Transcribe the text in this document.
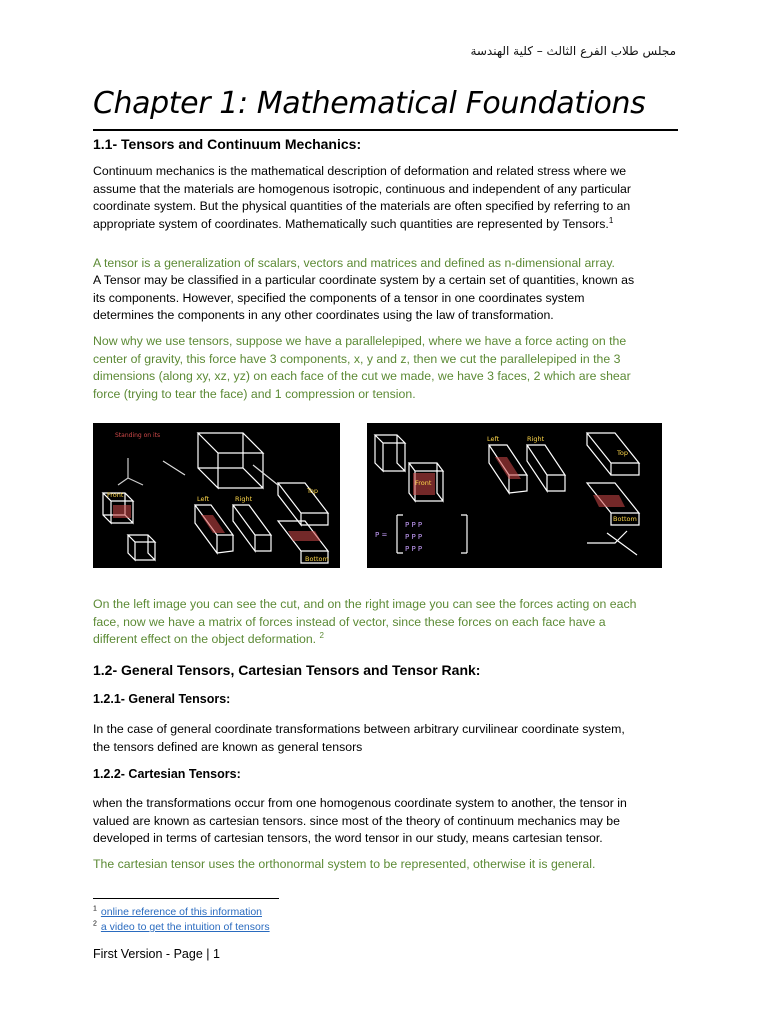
مجلس طلاب الفرع الثالث – كلية الهندسة
Chapter 1: Mathematical Foundations
1.1- Tensors and Continuum Mechanics:
Continuum mechanics is the mathematical description of deformation and related stress where we
assume that the materials are homogenous isotropic, continuous and independent of any particular
coordinate system. But the physical quantities of the materials are often specified by referring to an
appropriate system of coordinates. Mathematically such quantities are represented by Tensors.$^1$
A tensor is a generalization of scalars, vectors and matrices and defined as n-dimensional array.
A Tensor may be classified in a particular coordinate system by a certain set of quantities, known as
its components. However, specified the components of a tensor in one coordinates system
determines the components in any other coordinates using the law of transformation.
Now why we use tensors, suppose we have a parallelepiped, where we have a force acting on the
center of gravity, this force have 3 components, x, y and z, then we cut the parallelepiped in the 3
dimensions (along xy, xz, yz) on each face of the cut we made, we have 3 faces, 2 which are shear
force (trying to tear the face) and 1 compression or tension.
Standing on its
Front	Left	Right
Top
Bottom
P P P
P P P
P P P
P =
Front
Left	Right
Top
Bottom
On the left image you can see the cut, and on the right image you can see the forces acting on each
face, now we have a matrix of forces instead of vector, since these forces on each face have a
different effect on the object deformation. $^2$
1.2- General Tensors, Cartesian Tensors and Tensor Rank:
1.2.1- General Tensors:
In the case of general coordinate transformations between arbitrary curvilinear coordinate system,
the tensors defined are known as general tensors
1.2.2- Cartesian Tensors:
when the transformations occur from one homogenous coordinate system to another, the tensor in
valued are known as cartesian tensors. since most of the theory of continuum mechanics may be
developed in terms of cartesian tensors, the word tensor in our study, means cartesian tensor.
The cartesian tensor uses the orthonormal system to be represented, otherwise it is general.
$^1$ online reference of this information
$^2$ a video to get the intuition of tensors
First Version - Page | 1
